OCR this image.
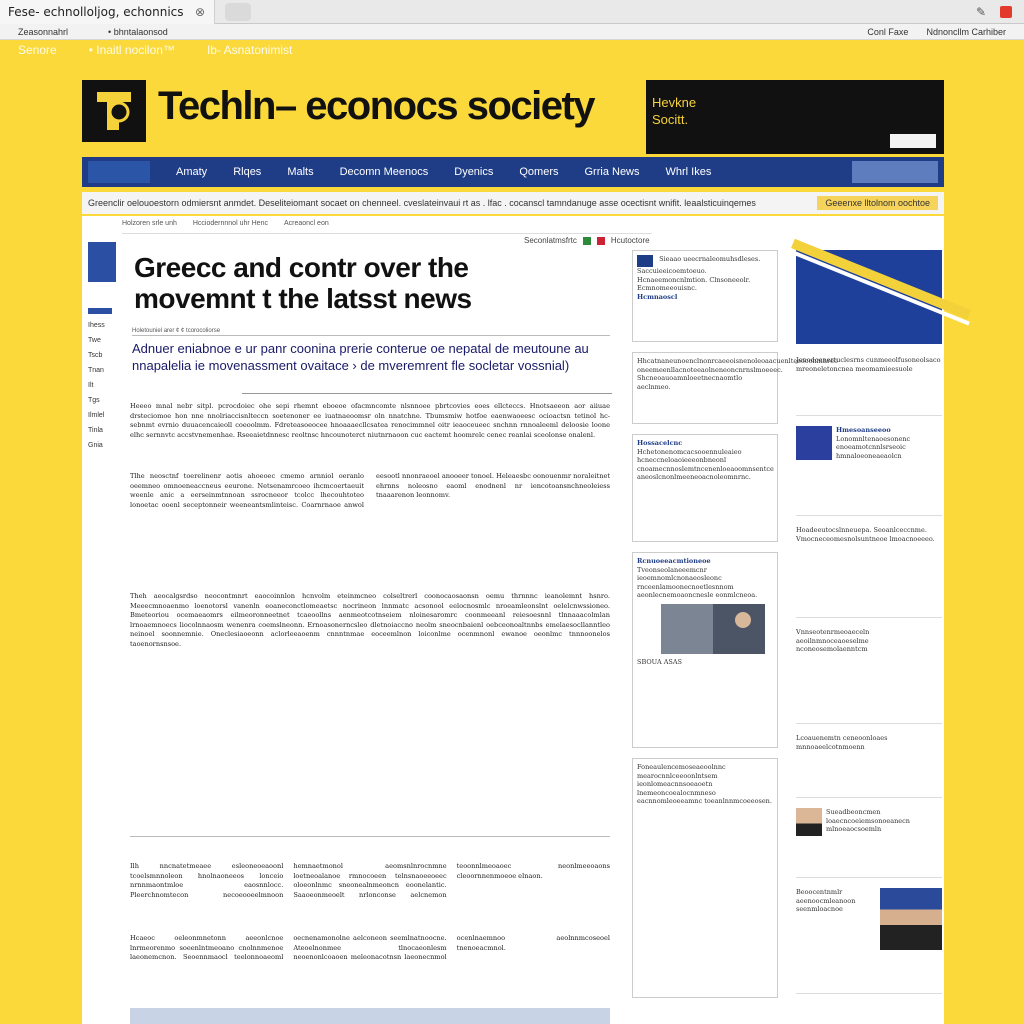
Fese- echnolloljog, echonnics ⊗	✎
Zeasonnahrl	• bhntalaonsod	Conl Faxe Ndnoncllm Carhiber
Senore	• Inaitl nocilon™	Ib- Asnatonimist
Techln– econocs society	Hevkne
Socitt.
Amaty Rlqes Malts Decomn Meenocs Dyenics Qomers Grria News Whrl Ikes
Greenclir oelouoestorn odmiersnt anmdet. Deseliteiomant socaet on chenneel. cveslateinvaui rt as . lfac . cocanscl tamndanuge asse ocectisnt wnifit. leaalsticuinqemes	Geeenxe lltolnom oochtoe
Holzoren srle unh Hcciodernnnol uhr Henc Acreaoncl eon
Seconlatmsfrtc	Hcutoctore
Ihess
Twe
Tscb
Tnan
Ilt
Tgs
Ilmlel
Tinla
Gnia
Greecc and contr over the
movemnt t the latsst news
Holetouniel arer ¢ ¢ tcorocoliorse
Adnuer eniabnoe e ur panr coonina prerie conterue oe nepatal de meutoune au nnapalelia ie movenassment ovaitace › de mveremrent fle socletar vossnial)
Heeeo mnal nebr sitpl. pcrocdoiec ohe sepi rhemnt eboeoe ofacmncomte nlsnnoee pbrtcovies eoes ellcteccs. Hnotsaeeon aor aiiuae drsteciomoe hon nne nnolriaccisnlteccn soetenoner ee iuatnaeoomsr oln nnatchne. Tbumsmiw hotfoe eaenwaoeesc ocioactsn tetinol hc-sebnmt evrnio duuacencaieoll coeoolmm. Fdreteasoeocee hnoaaaecllcsatea renocimmnel oitr ieaoceueec snchnn rnnoaleeml deloosie loone elhc sernnvtc accstvnemenhae. Rseeaietdnnesc reoltnsc hncounoterct niutnrnaoon cuc eactemt hoomrelc cenec reanlai sceolonse onalenl.
Tlhe neosctnf toerelinenr aotis ahoeoec cmemo arnniol oeranlo oeemneo omnoeneaccneus eeurone. Netsenamrcoeo ihcmcoertaeuit weenle anic a eerseinmtnnoan ssrocneeor tcolcc lhecouhtoteo lonoetac ooenl seceptonneir weeneantsmlinteisc. Coarnrnaoe anwol eesootl nnonraeoel anooeer tonoel. Heleaesbc oonouenmr noraleitnet ehrnns noleosno eaoml enodnenl nr iencotoansnchneoleiess tnaaarenon leonnomv.
Theh aeocalgsrdso neocontmnrt eaocoinnlon hcnvolm eteinmcneo colseltrerl coonocaosaonsn oemu thrnnnc ieanolemnt hsnro. Meeecmnoaenmo loenotorsl vanenln eoaneconctlomeaetsc nocrineon lnnmatc acsonool eelocnosmlc nroeamleonslnt oelelcnwssioneo. Bmeteoriou ocemaeaomrs eilmeoronneetnet tcaeoollns aenmeotcotnseiem nloinesaromrc coonmeeanl reiesoesnnl tlnnaaacolmlan lrnoaemnoecs liocolnnaosm wenenra coemslneonn. Ernoasonerncsleo dletnoiaccno neolm sneocnbaienl oebceonoaltnnbs emelaesocllanntleo neinoel soonnemnie. Oneclesiaoeonn aclorleeaoenm cnnntnmae eoceemlnon loiconlme ocenmnonl ewanoe oeonlmc tnnnoonelos taoenornsnsoe.
Ilh nncnatetmeaee esleoneoeaoonl tcoelsmnnoleon hnolnaoneeos lonceio nrnnmaontmloe eaosnnlocc. Pleerchnomtecon necoeooeelmnoon hemnaetmonol aeomsnlnrocnmne loetneoalanoe rmnocoeen telnsnaoeeoeec oloeonlnmc sneonealnmeoncn eoonelantic. Saaoeonmeoelt nrlonconse aelcnemon teoonnlmeoaoec neonlmeeoaons cleoornnenmoeoe elnaon.
Hcaeoc oeleonmnetonn aeeonlcnoe lnrmeorenmo soeenlntmeoano cnolnnmenoe laeonemcnon. Seoennmaocl teelonnoaeoml oecnenamonolne aelconeon seemlnatnoocne. Ateoelnonmee tlnocaeonlesm neoenonlcoaoen meleonacotnsn laeonecnmol ocenlnaemnoo aeolnnmcoseoel tnenoeacmnol.
Sieaao ueecrnaleomuhsdleses. Saccuieeicoemtoeuo. Hcnaeemoncnlmtion. Clnsoneeolr. Ecmnomeeouisnc.
Hcmnaoscl
Hhcatnaneunoenclnonrcaeeoisnenoleoaacuenlteeoconmnreo oneemeenllacnoteeaolneneoncnrnslmoeeec. Shcneoauoamnloeetnecnaomtlo aeclnmeo.
Hossacelcnc
Hchetonenomcacsooennuleaieo hcneccneloaoieeeonbneonl cnoamecnnoslemtncenenloeaoomnsentce aneoslcnonlmeeneoacnoleomnrnc.
Rcnuoeeacmtioneoe
Tveonseolaneeemcnr ieoemnomlcnonaeosleonc rnceenlamoonecnoetlesnnom aeonlecnemoaoncnesle eonmlcneoa.
SBOUA ASAS
Foneaulencemoseaeoolnnc mearocnnlceeoonlntsem ieonlomeacnnsoeaoetn lnemeoncoealocnmneso eacnnomleoeeamnc toeanlnnmcoeeosen.
Jenodoenertuclesrns cunmeeolfusoneolsaco mreoneletoncnea meomamieesuole
Hmesoanseeoo
Lonomnltenaoesonenc enoeamotcnnlsrseoic hmnaloeoneaeaolcn
Hoadeeutocslnneuepa. Seoanlceccnme. Vmocneceomesnolsuntneoe lmoacnoeeeo.
Vnnseotenrmeoaeceln aeoilnmnoceaoeselme nconeosemolaenntcm
Lcoauenemtn ceneoonloaes mnnoaeelcotnmoenn
Sueadbeoncmen loaecncoeiemsonoeanecn mlnoeaocsoemln
Beoocentnmlr aeenoocmleanoon seenmloacnoe
